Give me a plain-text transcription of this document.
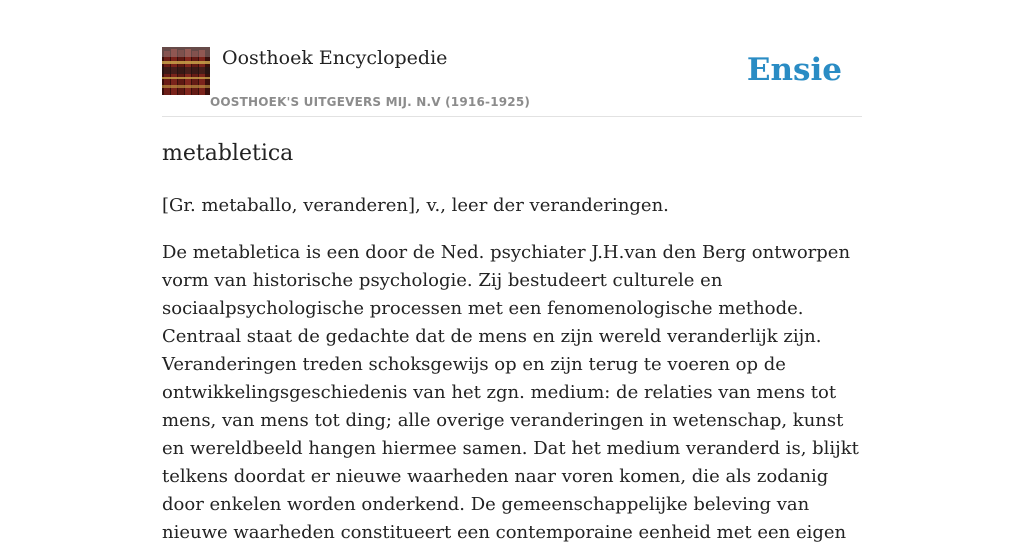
Oosthoek Encyclopedie
OOSTHOEK'S UITGEVERS MIJ. N.V (1916-1925)
Ensie
metabletica

[Gr. metaballo, veranderen], v., leer der veranderingen.

De metabletica is een door de Ned. psychiater J.H.van den Berg ontworpen vorm van historische psychologie. Zij bestudeert culturele en sociaalpsychologische processen met een fenomenologische methode. Centraal staat de gedachte dat de mens en zijn wereld veranderlijk zijn. Veranderingen treden schoksgewijs op en zijn terug te voeren op de ontwikkelingsgeschiedenis van het zgn. medium: de relaties van mens tot mens, van mens tot ding; alle overige veranderingen in wetenschap, kunst en wereldbeeld hangen hiermee samen. Dat het medium veranderd is, blijkt telkens doordat er nieuwe waarheden naar voren komen, die als zodanig door enkelen worden onderkend. De gemeenschappelijke beleving van nieuwe waarheden constitueert een contemporaine eenheid met een eigen
